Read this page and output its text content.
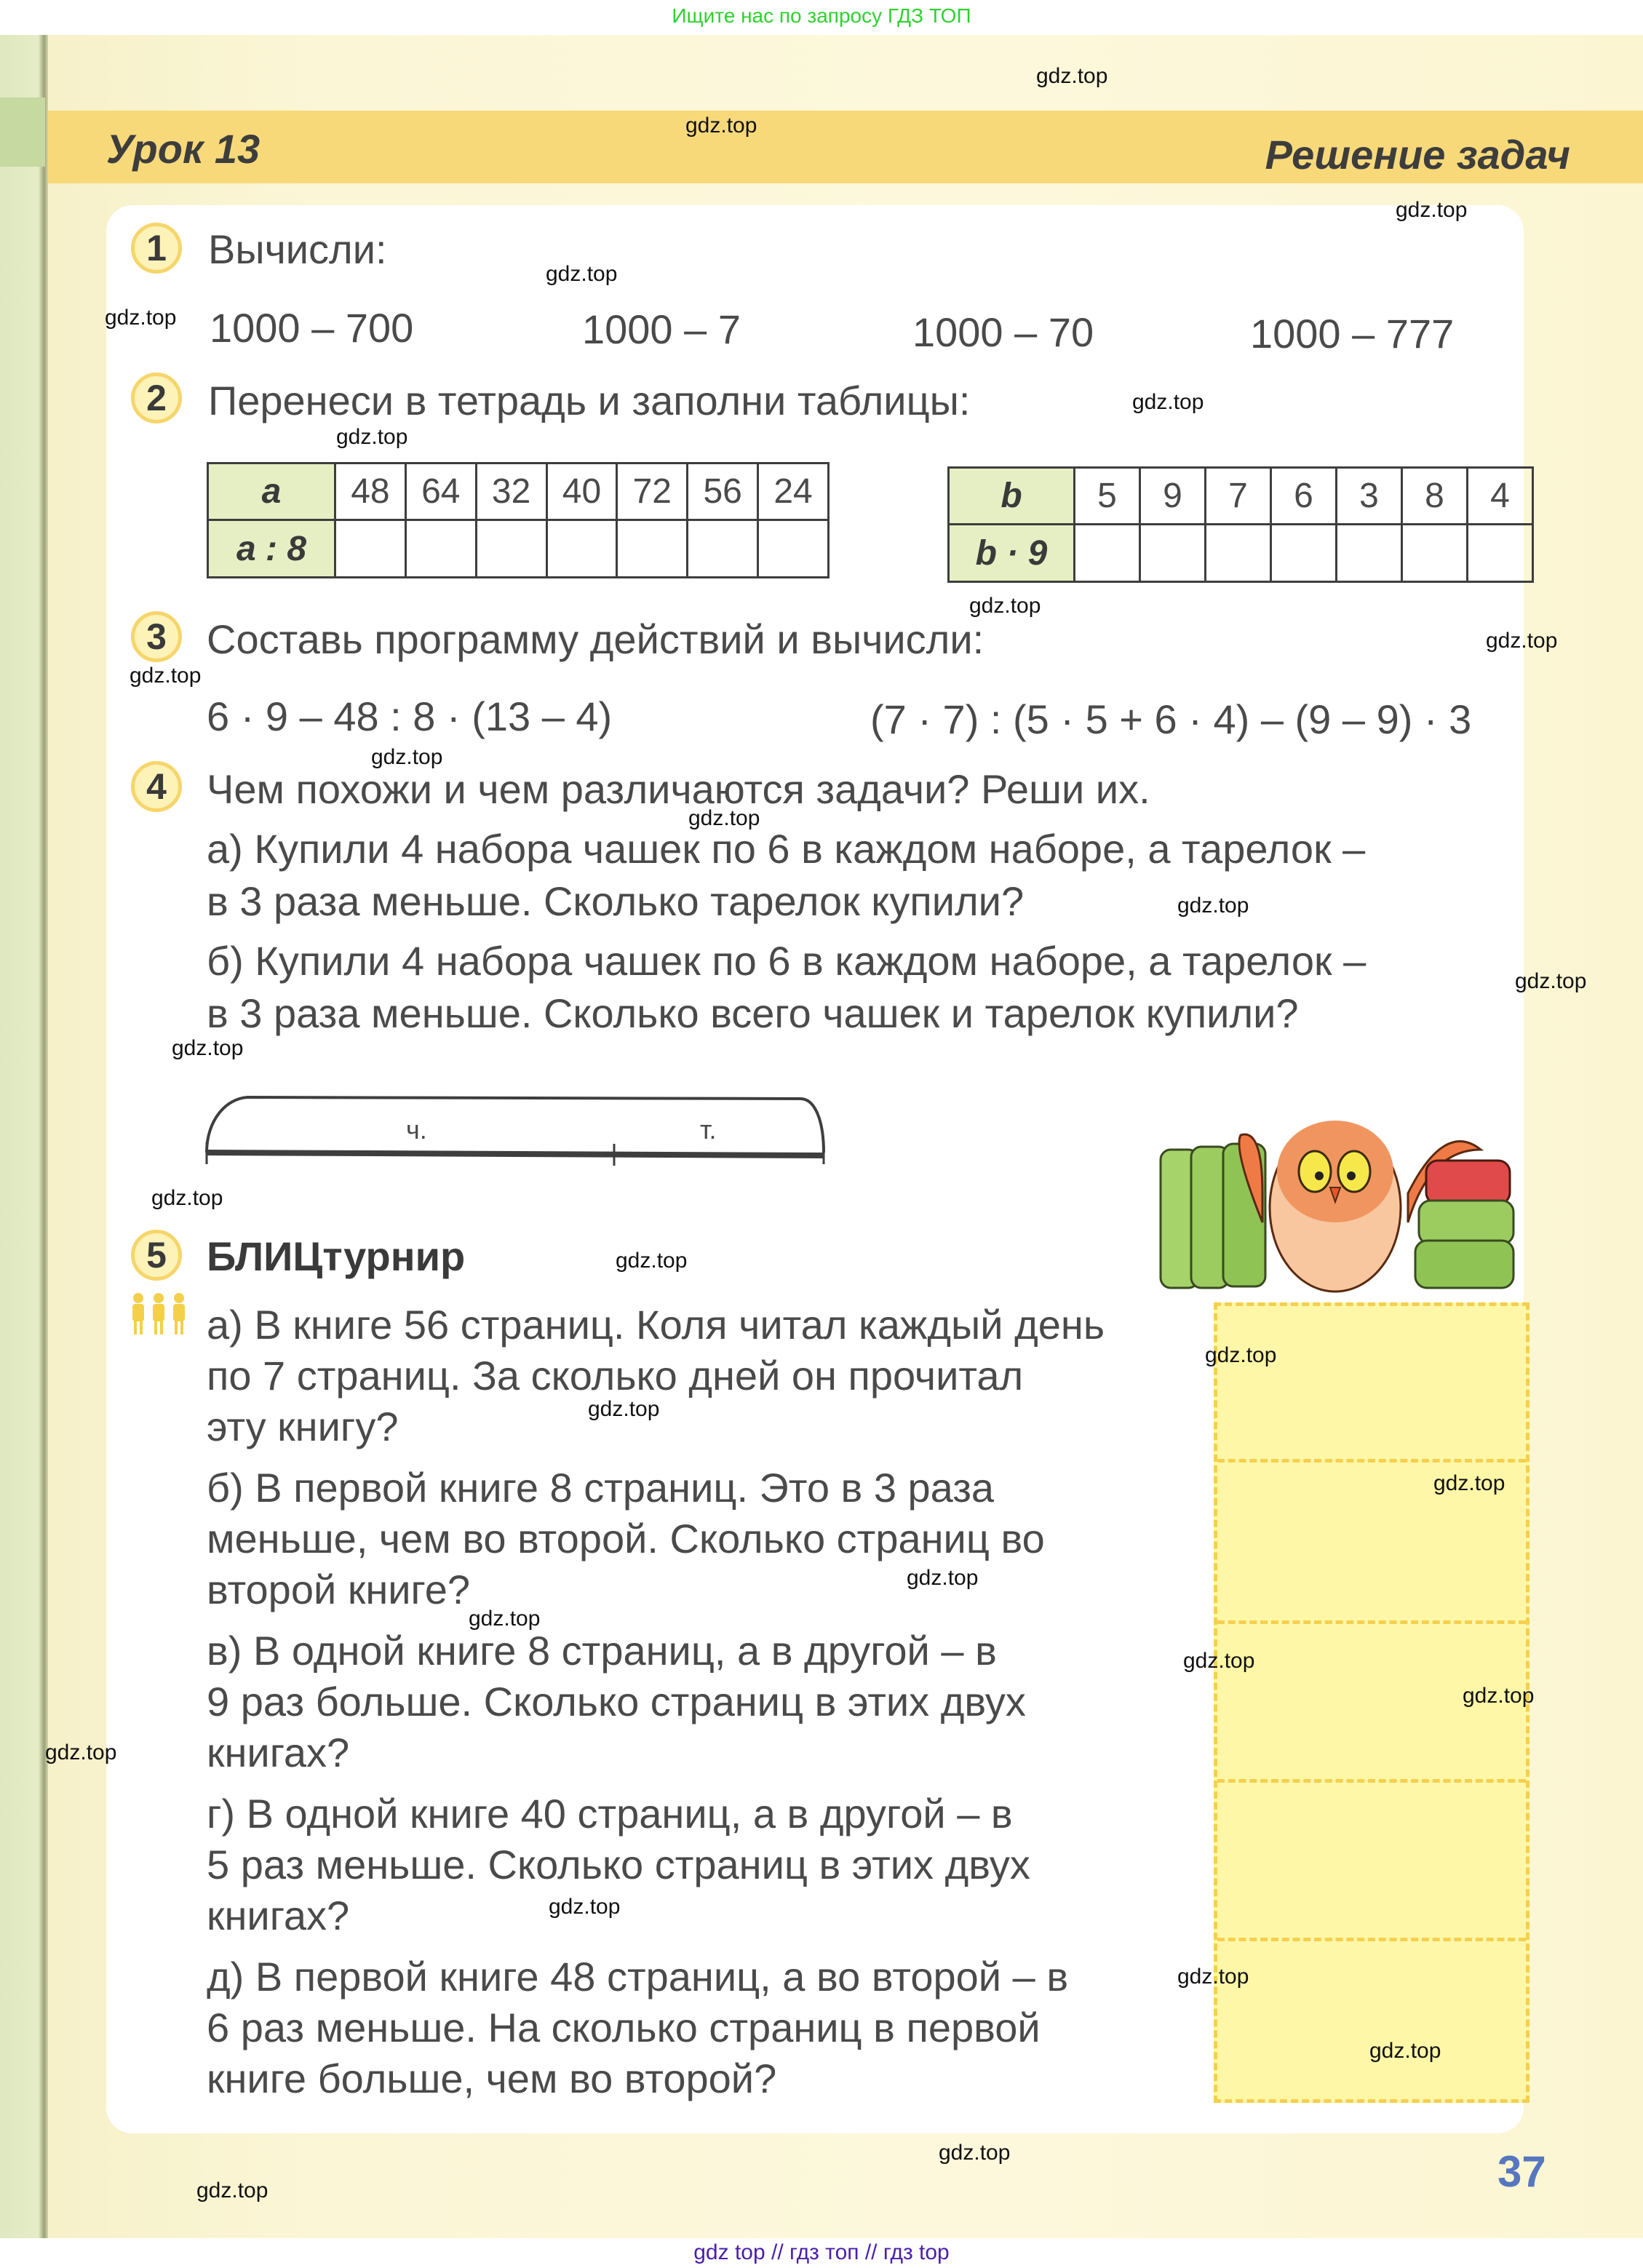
Ищите нас по запросу ГДЗ ТОП
Урок 13	Решение задач
1	Вычисли:
1000 – 700	1000 – 7	1000 – 70	1000 – 777
2	Перенеси в тетрадь и заполни таблицы:
a	48	64	32	40	72	56	24
a : 8							
b	5	9	7	6	3	8	4
b · 9							
3 Составь программу действий и вычисли:
6 · 9 – 48 : 8 · (13 – 4)	(7 · 7) : (5 · 5 + 6 · 4) – (9 – 9) · 3
4 Чем похожи и чем различаются задачи? Реши их.
а) Купили 4 набора чашек по 6 в каждом наборе, а тарелок –
в 3 раза меньше. Сколько тарелок купили?
б) Купили 4 набора чашек по 6 в каждом наборе, а тарелок –
в 3 раза меньше. Сколько всего чашек и тарелок купили?
ч.	т.
5 БЛИЦтурнир
а) В книге 56 страниц. Коля читал каждый день
по 7 страниц. За сколько дней он прочитал
эту книгу?
б) В первой книге 8 страниц. Это в 3 раза
меньше, чем во второй. Сколько страниц во
второй книге?
в) В одной книге 8 страниц, а в другой – в
9 раз больше. Сколько страниц в этих двух
книгах?
г) В одной книге 40 страниц, а в другой – в
5 раз меньше. Сколько страниц в этих двух
книгах?
д) В первой книге 48 страниц, а во второй – в
6 раз меньше. На сколько страниц в первой
книге больше, чем во второй?
gdz.top
gdz.top
gdz.top
gdz.top
gdz.top
gdz.top
gdz.top
gdz.top
gdz.top
gdz.top
gdz.top
gdz.top
gdz.top
gdz.top
gdz.top
gdz.top
gdz.top
gdz.top
gdz.top
gdz.top
gdz.top
gdz.top
gdz.top
gdz.top
gdz.top
gdz.top
gdz.top
gdz.top
gdz.top
gdz.top	37
gdz top // гдз топ // гдз top
